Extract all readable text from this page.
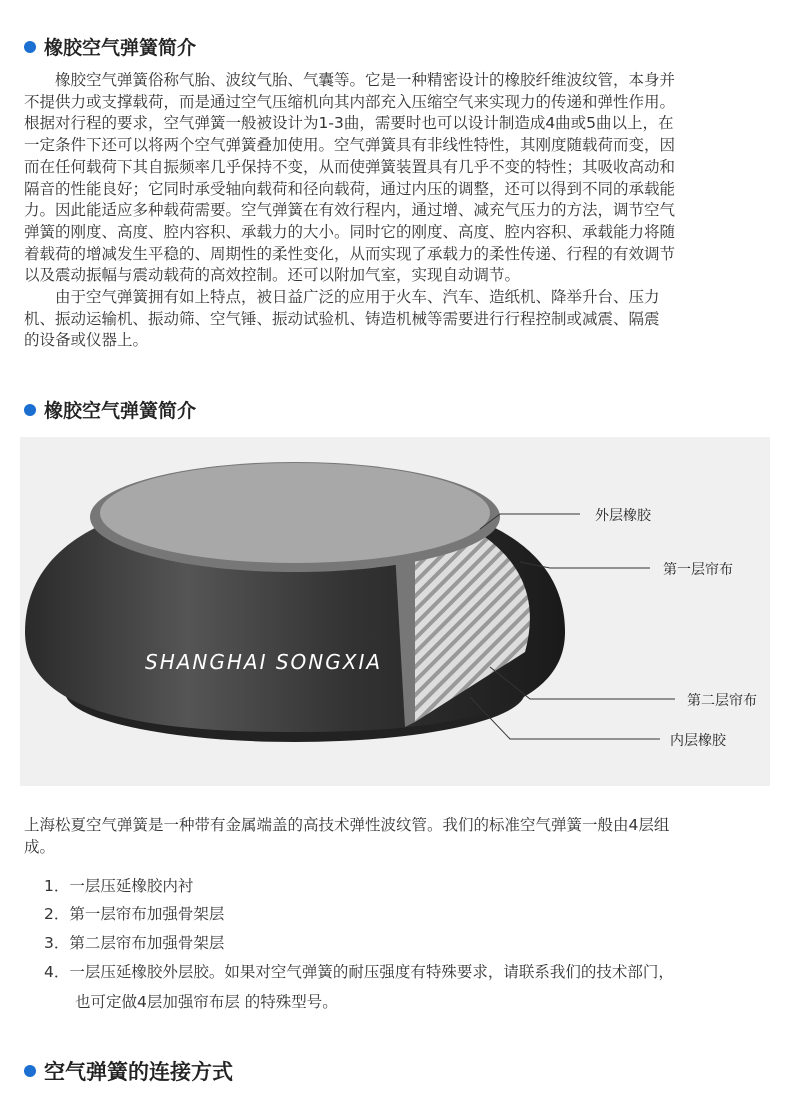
橡胶空气弹簧简介
　　橡胶空气弹簧俗称气胎、波纹气胎、气囊等。它是一种精密设计的橡胶纤维波纹管，本身并
不提供力或支撑载荷，而是通过空气压缩机向其内部充入压缩空气来实现力的传递和弹性作用。
根据对行程的要求，空气弹簧一般被设计为1-3曲，需要时也可以设计制造成4曲或5曲以上，在
一定条件下还可以将两个空气弹簧叠加使用。空气弹簧具有非线性特性，其刚度随载荷而变，因
而在任何载荷下其自振频率几乎保持不变，从而使弹簧装置具有几乎不变的特性；其吸收高动和
隔音的性能良好；它同时承受轴向载荷和径向载荷，通过内压的调整，还可以得到不同的承载能
力。因此能适应多种载荷需要。空气弹簧在有效行程内，通过增、减充气压力的方法，调节空气
弹簧的刚度、高度、腔内容积、承载力的大小。同时它的刚度、高度、腔内容积、承载能力将随
着载荷的增减发生平稳的、周期性的柔性变化，从而实现了承载力的柔性传递、行程的有效调节
以及震动振幅与震动载荷的高效控制。还可以附加气室，实现自动调节。
　　由于空气弹簧拥有如上特点，被日益广泛的应用于火车、汽车、造纸机、降举升台、压力
机、振动运输机、振动筛、空气锤、振动试验机、铸造机械等需要进行行程控制或减震、隔震
的设备或仪器上。
橡胶空气弹簧简介
SHANGHAI SONGXIA
外层橡胶
第一层帘布
第二层帘布
内层橡胶
上海松夏空气弹簧是一种带有金属端盖的高技术弹性波纹管。我们的标准空气弹簧一般由4层组
成。
1．一层压延橡胶内衬
2．第一层帘布加强骨架层
3．第二层帘布加强骨架层
4．一层压延橡胶外层胶。如果对空气弹簧的耐压强度有特殊要求，请联系我们的技术部门，
　　也可定做4层加强帘布层 的特殊型号。
空气弹簧的连接方式
